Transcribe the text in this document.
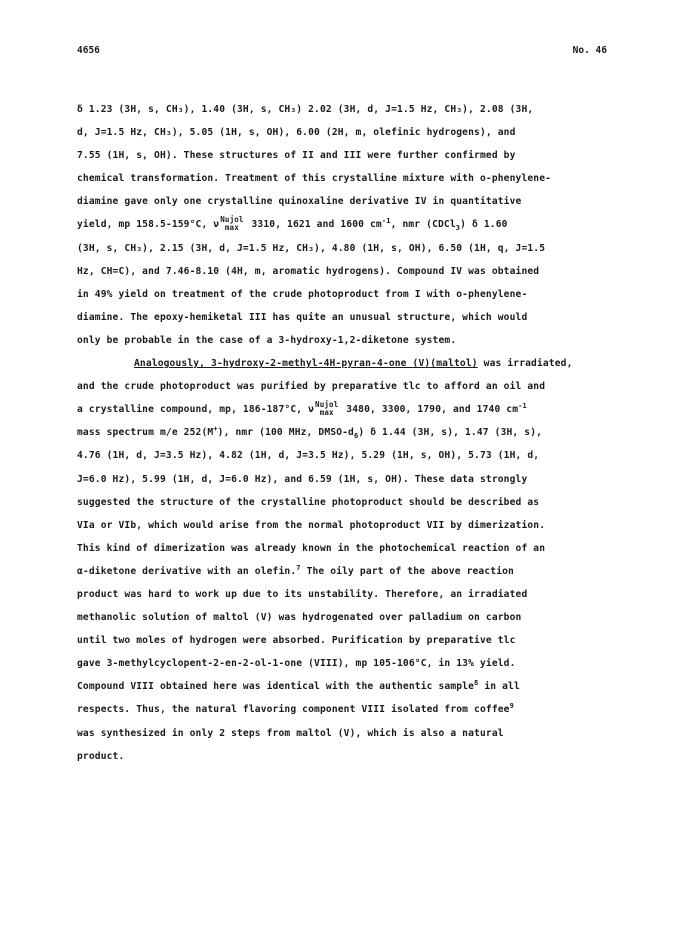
4656	No. 46
δ 1.23 (3H, s, CH₃), 1.40 (3H, s, CH₃) 2.02 (3H, d, J=1.5 Hz, CH₃), 2.08 (3H,
d, J=1.5 Hz, CH₃), 5.05 (1H, s, OH), 6.00 (2H, m, olefinic hydrogens), and
7.55 (1H, s, OH). These structures of II and III were further confirmed by
chemical transformation. Treatment of this crystalline mixture with o-phenylene-
diamine gave only one crystalline quinoxaline derivative IV in quantitative
yield, mp 158.5-159°C, ν Nujol
max 3310, 1621 and 1600 $cm^{-1}$, nmr (CDCl$_3$) δ 1.60
(3H, s, CH₃), 2.15 (3H, d, J=1.5 Hz, CH₃), 4.80 (1H, s, OH), 6.50 (1H, q, J=1.5
Hz, CH=C), and 7.46-8.10 (4H, m, aromatic hydrogens). Compound IV was obtained
in 49% yield on treatment of the crude photoproduct from I with o-phenylene-
diamine. The epoxy-hemiketal III has quite an unusual structure, which would
only be probable in the case of a 3-hydroxy-1,2-diketone system.
Analogously, 3-hydroxy-2-methyl-4H-pyran-4-one (V)(maltol) was irradiated,
and the crude photoproduct was purified by preparative tlc to afford an oil and
a crystalline compound, mp, 186-187°C, ν Nujol
max 3480, 3300, 1790, and 1740 $cm^{-1}$
mass spectrum m/e 252(M+), nmr (100 MHz, DMSO-$d_6$) δ 1.44 (3H, s), 1.47 (3H, s),
4.76 (1H, d, J=3.5 Hz), 4.82 (1H, d, J=3.5 Hz), 5.29 (1H, s, OH), 5.73 (1H, d,
J=6.0 Hz), 5.99 (1H, d, J=6.0 Hz), and 6.59 (1H, s, OH). These data strongly
suggested the structure of the crystalline photoproduct should be described as
VIa or VIb, which would arise from the normal photoproduct VII by dimerization.
This kind of dimerization was already known in the photochemical reaction of an
α-diketone derivative with an olefin.$^7$ The oily part of the above reaction
product was hard to work up due to its unstability. Therefore, an irradiated
methanolic solution of maltol (V) was hydrogenated over palladium on carbon
until two moles of hydrogen were absorbed. Purification by preparative tlc
gave 3-methylcyclopent-2-en-2-ol-1-one (VIII), mp 105-106°C, in 13% yield.
Compound VIII obtained here was identical with the authentic sample$^8$ in all
respects. Thus, the natural flavoring component VIII isolated from coffee$^9$
was synthesized in only 2 steps from maltol (V), which is also a natural
product.
